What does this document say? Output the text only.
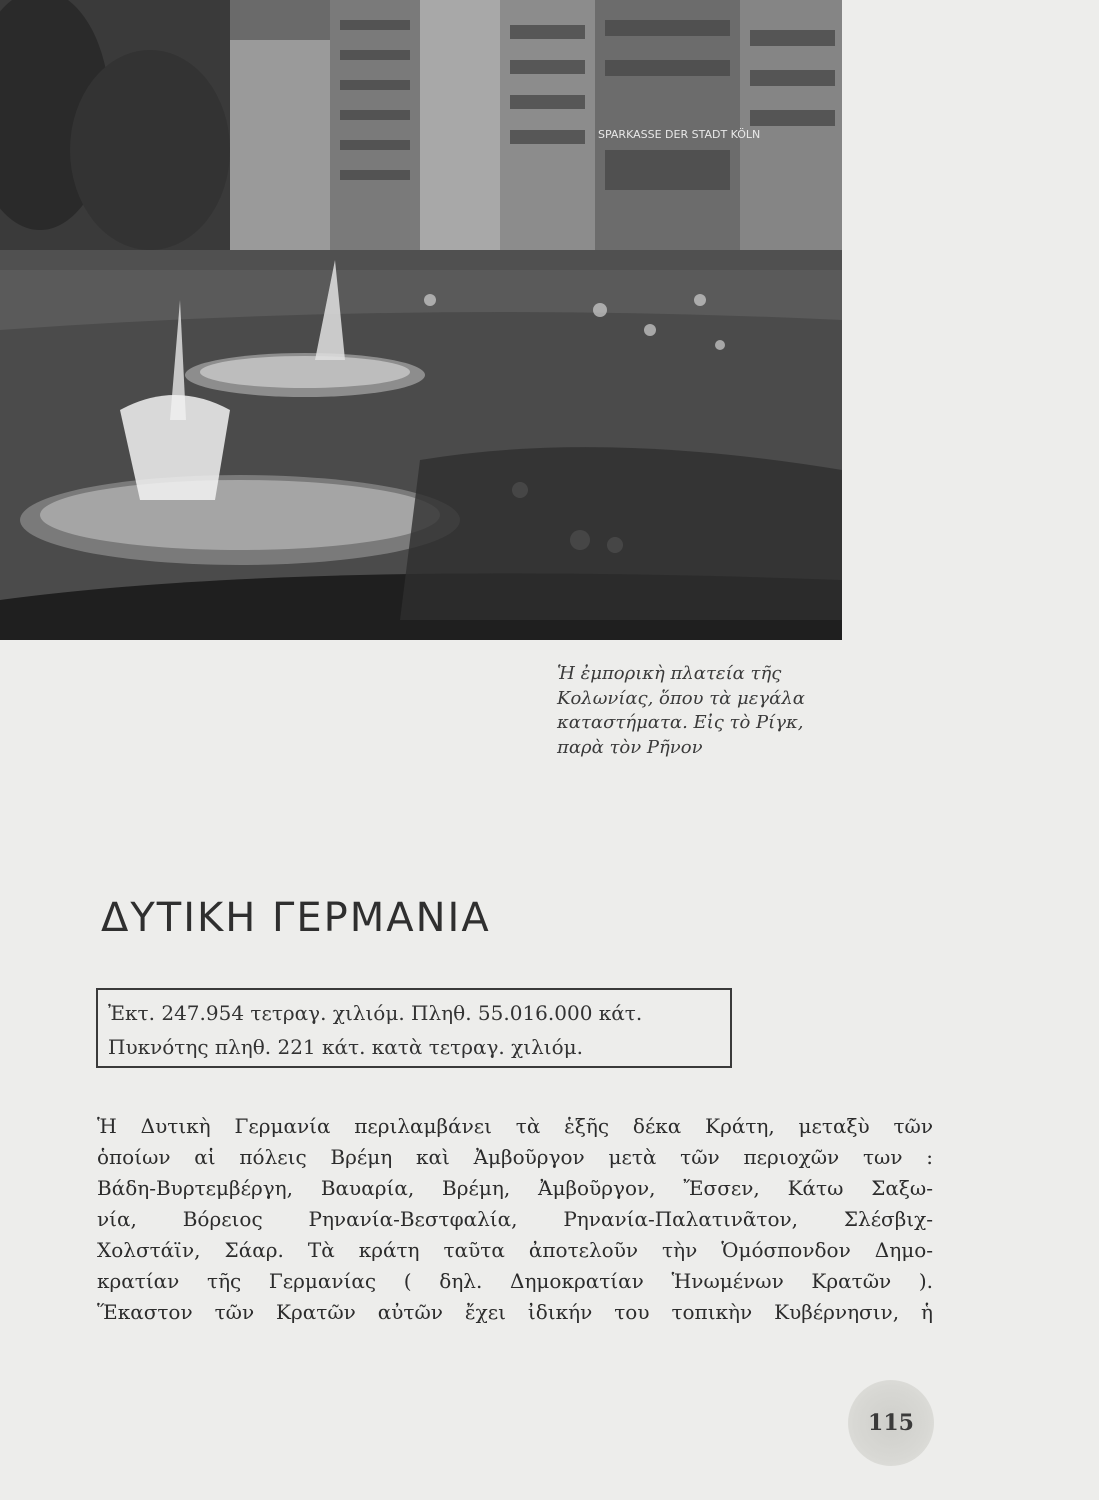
SPARKASSE DER STADT KÖLN
Ἡ ἐμπορικὴ πλατεία τῆς
Κολωνίας, ὅπου τὰ μεγάλα
καταστήματα. Εἰς τὸ Ρίγκ,
παρὰ τὸν Ρῆνον
ΔΥΤΙΚΗ ΓΕΡΜΑΝΙΑ
Ἐκτ. 247.954 τετραγ. χιλιόμ. Πληθ. 55.016.000 κάτ.
Πυκνότης πληθ. 221 κάτ. κατὰ τετραγ. χιλιόμ.
Ἡ Δυτικὴ Γερμανία περιλαμβάνει τὰ ἑξῆς δέκα Κράτη, μεταξὺ τῶν
ὁποίων αἱ πόλεις Βρέμη καὶ Ἀμβοῦργον μετὰ τῶν περιοχῶν των :
Βάδη-Βυρτεμβέργη, Βαυαρία, Βρέμη, Ἀμβοῦργον, Ἔσσεν, Κάτω Σαξω-
νία, Βόρειος Ρηνανία-Βεστφαλία, Ρηνανία-Παλατινᾶτον, Σλέσβιχ-
Χολστάϊν, Σάαρ. Τὰ κράτη ταῦτα ἀποτελοῦν τὴν Ὁμόσπονδον Δημο-
κρατίαν τῆς Γερμανίας ( δηλ. Δημοκρατίαν Ἡνωμένων Κρατῶν ).
Ἕκαστον τῶν Κρατῶν αὐτῶν ἔχει ἰδικήν του τοπικὴν Κυβέρνησιν, ἡ
115
